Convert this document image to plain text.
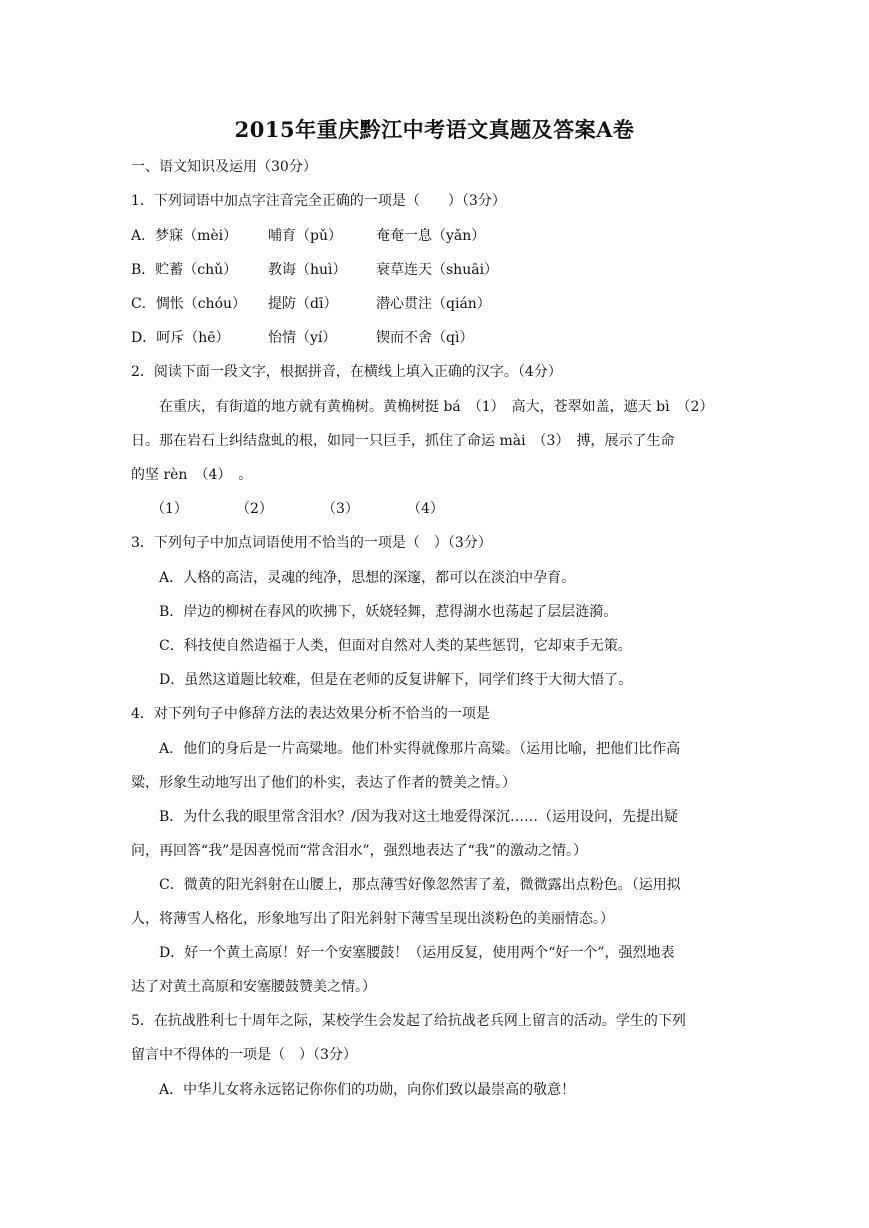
2015年重庆黔江中考语文真题及答案A卷
一、语文知识及运用（30分）
1．下列词语中加点字注音完全正确的一项是（　　）（3分）
A．梦寐（mèi） 哺育（pǔ） 奄奄一息（yǎn）
B．贮蓄（chǔ） 教诲（huì） 衰草连天（shuāi）
C．惆怅（chóu） 提防（dī）	潜心贯注（qián）
D．呵斥（hē）	怡情（yí）	锲而不舍（qì）
2．阅读下面一段文字，根据拼音，在横线上填入正确的汉字。（4分）
在重庆，有街道的地方就有黄桷树。黄桷树挺 bá　（1）　高大，苍翠如盖，遮天 bì　（2）
日。那在岩石上纠结盘虬的根，如同一只巨手，抓住了命运 mài　（3）　搏，展示了生命
的坚 rèn　（4）　。
（1）	（2）	（3）	（4）
3．下列句子中加点词语使用不恰当的一项是（　）（3分）
A．人格的高洁，灵魂的纯净，思想的深邃，都可以在淡泊中孕育。
B．岸边的柳树在春风的吹拂下，妖娆轻舞，惹得湖水也荡起了层层涟漪。
C．科技使自然造福于人类，但面对自然对人类的某些惩罚，它却束手无策。
D．虽然这道题比较难，但是在老师的反复讲解下，同学们终于大彻大悟了。
4．对下列句子中修辞方法的表达效果分析不恰当的一项是
A．他们的身后是一片高粱地。他们朴实得就像那片高粱。（运用比喻，把他们比作高
粱，形象生动地写出了他们的朴实，表达了作者的赞美之情。）
B．为什么我的眼里常含泪水？/因为我对这土地爱得深沉……（运用设问，先提出疑
问，再回答“我”是因喜悦而“常含泪水”，强烈地表达了“我”的激动之情。）
C．微黄的阳光斜射在山腰上，那点薄雪好像忽然害了羞，微微露出点粉色。（运用拟
人，将薄雪人格化，形象地写出了阳光斜射下薄雪呈现出淡粉色的美丽情态。）
D．好一个黄土高原！好一个安塞腰鼓！（运用反复，使用两个“好一个”，强烈地表
达了对黄土高原和安塞腰鼓赞美之情。）
5．在抗战胜利七十周年之际，某校学生会发起了给抗战老兵网上留言的活动。学生的下列
留言中不得体的一项是（　）（3分）
A．中华儿女将永远铭记你你们的功勋，向你们致以最崇高的敬意！
